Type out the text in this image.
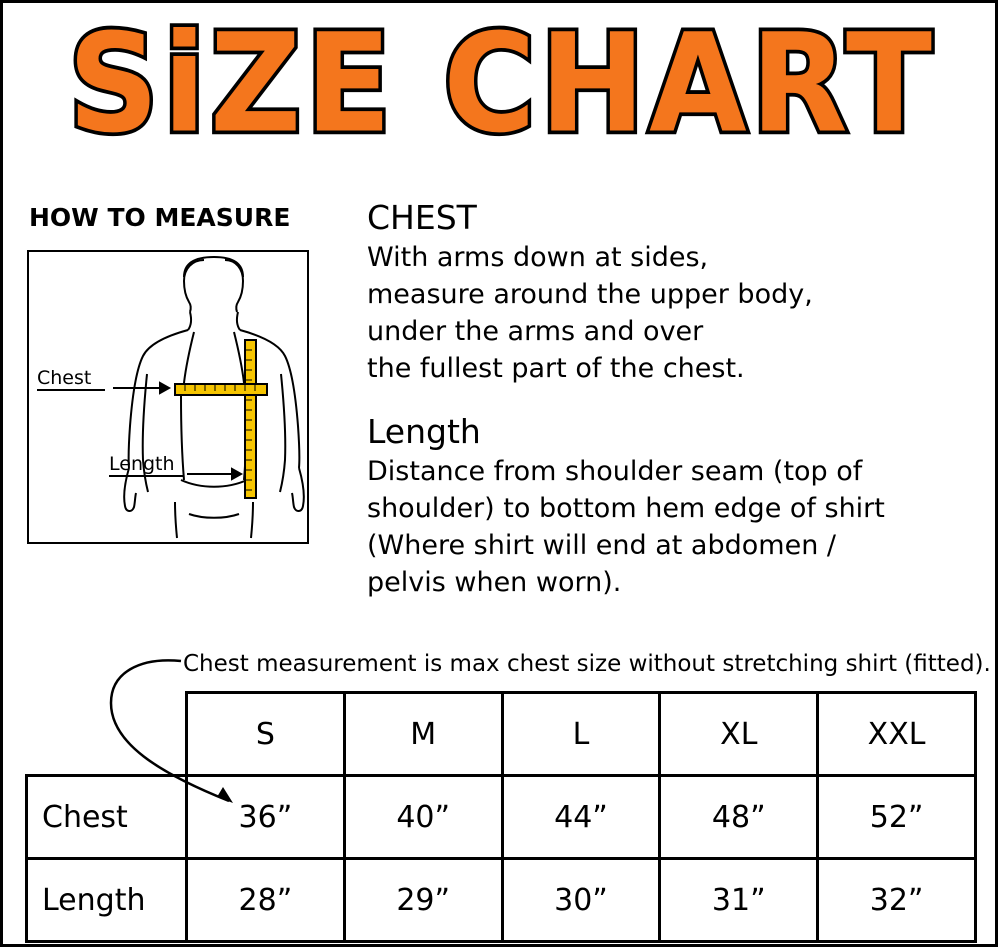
SiZE CHART
HOW TO MEASURE
Chest
Length
CHEST

With arms down at sides,

measure around the upper body,

under the arms and over

the fullest part of the chest.

Length

Distance from shoulder seam (top of

shoulder) to bottom hem edge of shirt

(Where shirt will end at abdomen /

pelvis when worn).

Chest measurement is max chest size without stretching shirt (fitted).
	S	M	L	XL	XXL
Chest	36”	40”	44”	48”	52”
Length	28”	29”	30”	31”	32”
